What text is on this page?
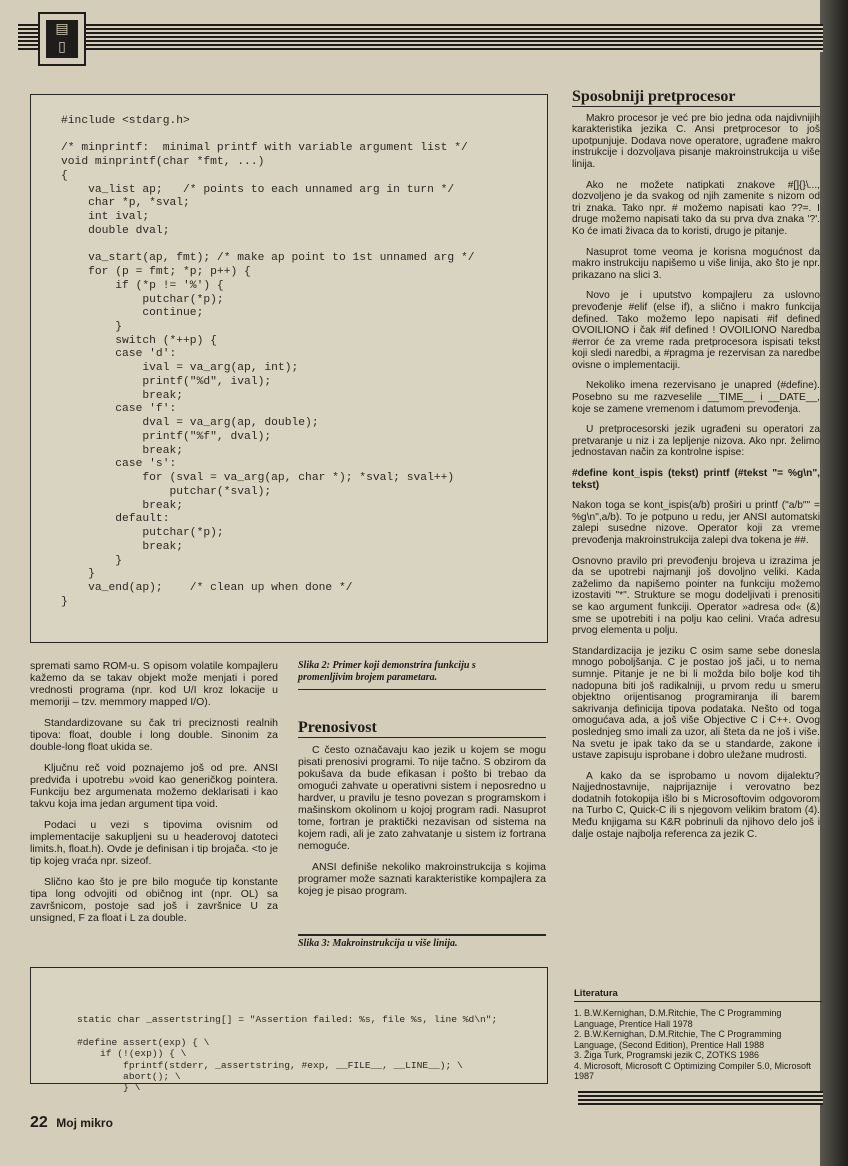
▤
▯
#include <stdarg.h>

/* minprintf:  minimal printf with variable argument list */
void minprintf(char *fmt, ...)
{
va_list ap;   /* points to each unnamed arg in turn */
char *p, *sval;
int ival;
double dval;

va_start(ap, fmt); /* make ap point to 1st unnamed arg */
for (p = fmt; *p; p++) {
if (*p != '%') {
putchar(*p);
continue;
}
switch (*++p) {
case 'd':
ival = va_arg(ap, int);
printf("%d", ival);
break;
case 'f':
dval = va_arg(ap, double);
printf("%f", dval);
break;
case 's':
for (sval = va_arg(ap, char *); *sval; sval++)
putchar(*sval);
break;
default:
putchar(*p);
break;
}
}
va_end(ap);    /* clean up when done */
}
Slika 2: Primer koji demonstrira funkciju s promenljivim brojem parametara.

spremati samo ROM-u. S opisom volatile kompajleru kažemo da se takav objekt može menjati i pored vrednosti programa (npr. kod U/I kroz lokacije u memoriji – tzv. memmory mapped I/O).

Standardizovane su čak tri preciznosti realnih tipova: float, double i long double. Sinonim za double-long float ukida se.

Ključnu reč void poznajemo još od pre. ANSI predviđa i upotrebu »void kao generičkog pointera. Funkciju bez argumenata možemo deklarisati i kao takvu koja ima jedan argument tipa void.

Podaci u vezi s tipovima ovisnim od implementacije sakupljeni su u headerovoj datoteci limits.h, float.h). Ovde je definisan i tip brojača. <to je tip kojeg vraća npr. sizeof.

Slično kao što je pre bilo moguće tip konstante tipa long odvojiti od običnog int (npr. OL) sa završnicom, postoje sad još i završnice U za unsigned, F za float i L za double.

Prenosivost

C često označavaju kao jezik u kojem se mogu pisati prenosivi programi. To nije tačno. S obzirom da pokušava da bude efikasan i pošto bi trebao da omogući zahvate u operativni sistem i neposredno u hardver, u pravilu je tesno povezan s programskom i mašinskom okolinom u kojoj program radi. Nasuprot tome, fortran je praktički nezavisan od sistema na kojem radi, ali je zato zahvatanje u sistem iz fortrana nemoguće.

ANSI definiše nekoliko makroinstrukcija s kojima programer može saznati karakteristike kompajlera za kojeg je pisao program.

Slika 3: Makroinstrukcija u više linija.
Sposobniji pretprocesor

Makro procesor je već pre bio jedna oda najdivnijih karakteristika jezika C. Ansi pretprocesor to još upotpunjuje. Dodava nove operatore, ugrađene makro instrukcije i dozvoljava pisanje makroinstrukcija u više linija.

Ako ne možete natipkati znakove #[]{}\..., dozvoljeno je da svakog od njih zamenite s nizom od tri znaka. Tako npr. # možemo napisati kao ??=. I druge možemo napisati tako da su prva dva znaka '?'. Ko će imati živaca da to koristi, drugo je pitanje.

Nasuprot tome veoma je korisna mogućnost da makro instrukciju napišemo u više linija, ako što je npr. prikazano na slici 3.

Novo je i uputstvo kompajleru za uslovno prevođenje #elif (else if), a slično i makro funkcija defined. Tako možemo lepo napisati #if defined OVOILIONO i čak #if defined ! OVOILIONO Naredba #error će za vreme rada pretprocesora ispisati tekst koji sledi naredbi, a #pragma je rezervisan za naredbe ovisne o implementaciji.

Nekoliko imena rezervisano je unapred (#define). Posebno su me razveselile __TIME__ i __DATE__, koje se zamene vremenom i datumom prevođenja.

U pretprocesorski jezik ugrađeni su operatori za pretvaranje u niz i za lepljenje nizova. Ako npr. želimo jednostavan način za kontrolne ispise:

#define kont_ispis (tekst) printf (#tekst "= %g\n", tekst)

Nakon toga se kont_ispis(a/b) proširi u printf ("a/b"" = %g\n",a/b). To je potpuno u redu, jer ANSI automatski zalepi susedne nizove. Operator koji za vreme prevođenja makroinstrukcija zalepi dva tokena je ##.

Osnovno pravilo pri prevođenju brojeva u izrazima je da se upotrebi najmanji još dovoljno veliki. Kada zaželimo da napišemo pointer na funkciju možemo izostaviti "*". Strukture se mogu dodeljivati i prenositi se kao argument funkciji. Operator »adresa od« (&) sme se upotrebiti i na polju kao celini. Vraća adresu prvog elementa u polju.

Standardizacija je jeziku C osim same sebe donesla mnogo poboljšanja. C je postao još jači, u to nema sumnje. Pitanje je ne bi li možda bilo bolje kod tih nadopuna biti još radikalniji, u prvom redu u smeru objektno orijentisanog programiranja ili barem sakrivanja definicija tipova podataka. Nešto od toga omogućava ada, a još više Objective C i C++. Ovog poslednjeg smo imali za uzor, ali šteta da ne još i više. Na svetu je ipak tako da se u standarde, zakone i ustave zapisuju isprobane i dobro uležane mudrosti.

A kako da se isprobamo u novom dijalektu? Najjednostavnije, najprijaznije i verovatno bez dodatnih fotokopija išlo bi s Microsoftovim odgovorom na Turbo C, Quick-C ili s njegovom velikim bratom (4). Među knjigama su K&R pobrinuli da njihovo delo još i dalje ostaje najbolja referenca za jezik C.

static char _assertstring[] = "Assertion failed: %s, file %s, line %d\n";

#define assert(exp) { \
if (!(exp)) { \
fprintf(stderr, _assertstring, #exp, __FILE__, __LINE__); \
abort(); \
} \
Literatura
1. B.W.Kernighan, D.M.Ritchie, The C Programming Language, Prentice Hall 1978
2. B.W.Kernighan, D.M.Ritchie, The C Programming Language, (Second Edition), Prentice Hall 1988
3. Žiga Turk, Programski jezik C, ZOTKS 1986
4. Microsoft, Microsoft C Optimizing Compiler 5.0, Microsoft 1987
22 Moj mikro
